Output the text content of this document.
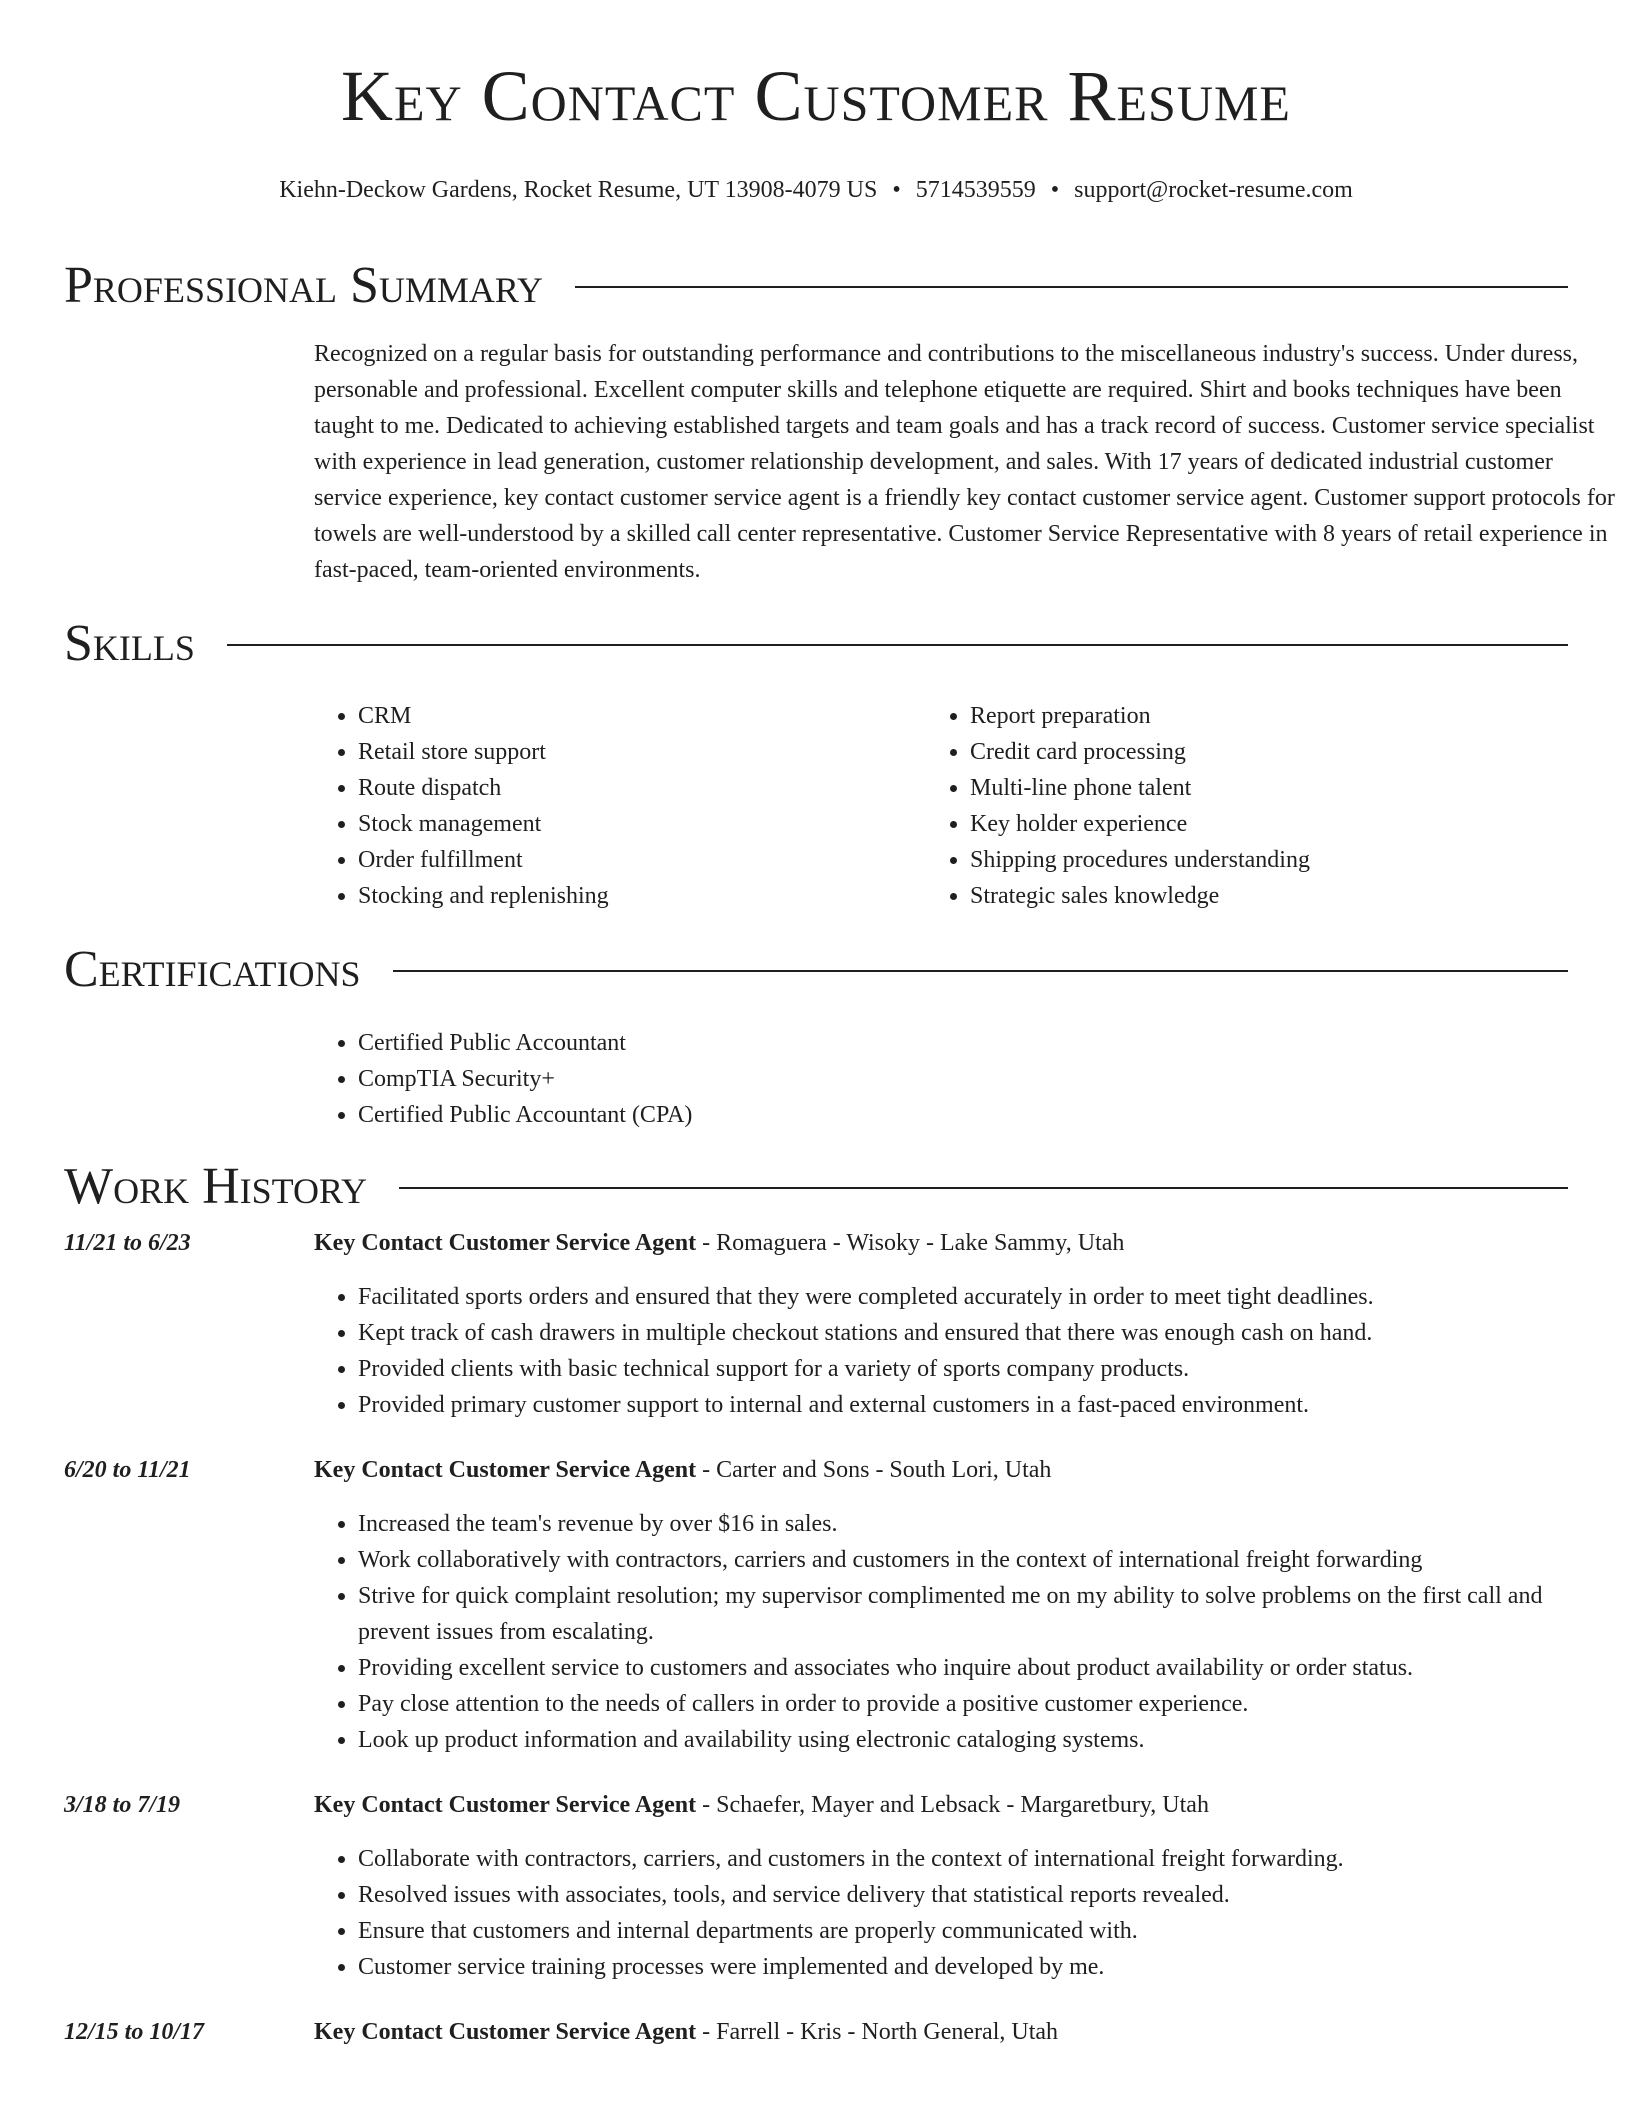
Key Contact Customer Resume
Kiehn-Deckow Gardens, Rocket Resume, UT 13908-4079 US • 5714539559 • support@rocket-resume.com
Professional Summary

Recognized on a regular basis for outstanding performance and contributions to the miscellaneous industry's success. Under duress, personable and professional. Excellent computer skills and telephone etiquette are required. Shirt and books techniques have been taught to me. Dedicated to achieving established targets and team goals and has a track record of success. Customer service specialist with experience in lead generation, customer relationship development, and sales. With 17 years of dedicated industrial customer service experience, key contact customer service agent is a friendly key contact customer service agent. Customer support protocols for towels are well-understood by a skilled call center representative. Customer Service Representative with 8 years of retail experience in fast-paced, team-oriented environments.

Skills
• CRM
• Retail store support
• Route dispatch
• Stock management
• Order fulfillment
• Stocking and replenishing
• Report preparation
• Credit card processing
• Multi-line phone talent
• Key holder experience
• Shipping procedures understanding
• Strategic sales knowledge
Certifications
• Certified Public Accountant
• CompTIA Security+
• Certified Public Accountant (CPA)
Work History
11/21 to 6/23	Key Contact Customer Service Agent - Romaguera - Wisoky - Lake Sammy, Utah
• Facilitated sports orders and ensured that they were completed accurately in order to meet tight deadlines.
• Kept track of cash drawers in multiple checkout stations and ensured that there was enough cash on hand.
• Provided clients with basic technical support for a variety of sports company products.
• Provided primary customer support to internal and external customers in a fast-paced environment.
6/20 to 11/21	Key Contact Customer Service Agent - Carter and Sons - South Lori, Utah
• Increased the team's revenue by over $16 in sales.
• Work collaboratively with contractors, carriers and customers in the context of international freight forwarding
• Strive for quick complaint resolution; my supervisor complimented me on my ability to solve problems on the first call and prevent issues from escalating.
• Providing excellent service to customers and associates who inquire about product availability or order status.
• Pay close attention to the needs of callers in order to provide a positive customer experience.
• Look up product information and availability using electronic cataloging systems.
3/18 to 7/19	Key Contact Customer Service Agent - Schaefer, Mayer and Lebsack - Margaretbury, Utah
• Collaborate with contractors, carriers, and customers in the context of international freight forwarding.
• Resolved issues with associates, tools, and service delivery that statistical reports revealed.
• Ensure that customers and internal departments are properly communicated with.
• Customer service training processes were implemented and developed by me.
12/15 to 10/17	Key Contact Customer Service Agent - Farrell - Kris - North General, Utah
